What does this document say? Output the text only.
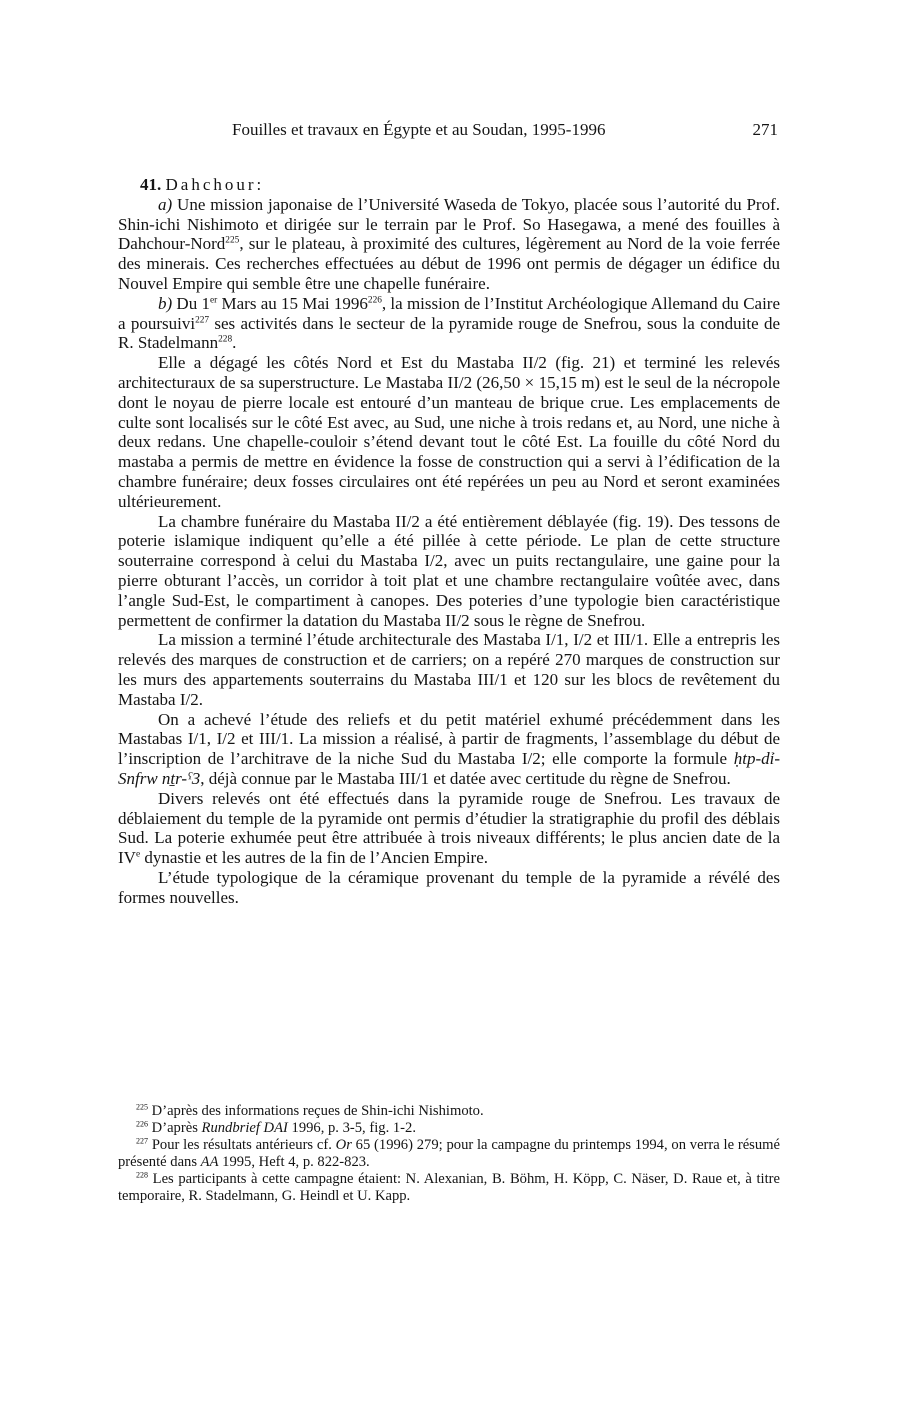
Fouilles et travaux en Égypte et au Soudan, 1995-1996	271

41. Dahchour:

a) Une mission japonaise de l’Université Waseda de Tokyo, placée sous l’autorité du Prof. Shin-ichi Nishimoto et dirigée sur le terrain par le Prof. So Hasegawa, a mené des fouilles à Dahchour-Nord$^{225}$, sur le plateau, à proximité des cultures, légèrement au Nord de la voie ferrée des minerais. Ces recherches effectuées au début de 1996 ont permis de dégager un édifice du Nouvel Empire qui semble être une chapelle funéraire.

b) Du 1er Mars au 15 Mai 1996$^{226}$, la mission de l’Institut Archéologique Allemand du Caire a poursuivi$^{227}$ ses activités dans le secteur de la pyramide rouge de Snefrou, sous la conduite de R. Stadelmann$^{228}$.

Elle a dégagé les côtés Nord et Est du Mastaba II/2 (fig. 21) et terminé les relevés architecturaux de sa superstructure. Le Mastaba II/2 (26,50 × 15,15 m) est le seul de la nécropole dont le noyau de pierre locale est entouré d’un manteau de brique crue. Les emplacements de culte sont localisés sur le côté Est avec, au Sud, une niche à trois redans et, au Nord, une niche à deux redans. Une chapelle-couloir s’étend devant tout le côté Est. La fouille du côté Nord du mastaba a permis de mettre en évidence la fosse de construction qui a servi à l’édification de la chambre funéraire; deux fosses circulaires ont été repérées un peu au Nord et seront examinées ultérieurement.

La chambre funéraire du Mastaba II/2 a été entièrement déblayée (fig. 19). Des tessons de poterie islamique indiquent qu’elle a été pillée à cette période. Le plan de cette structure souterraine correspond à celui du Mastaba I/2, avec un puits rectangulaire, une gaine pour la pierre obturant l’accès, un corridor à toit plat et une chambre rectangulaire voûtée avec, dans l’angle Sud-Est, le compartiment à canopes. Des poteries d’une typologie bien caractéristique permettent de confirmer la datation du Mastaba II/2 sous le règne de Snefrou.

La mission a terminé l’étude architecturale des Mastaba I/1, I/2 et III/1. Elle a entrepris les relevés des marques de construction et de carriers; on a repéré 270 marques de construction sur les murs des appartements souterrains du Mastaba III/1 et 120 sur les blocs de revêtement du Mastaba I/2.

On a achevé l’étude des reliefs et du petit matériel exhumé précédemment dans les Mastabas I/1, I/2 et III/1. La mission a réalisé, à partir de fragments, l’assemblage du début de l’inscription de l’architrave de la niche Sud du Mastaba I/2; elle comporte la formule ḥtp-dỉ-Snfrw nṯr-ˁ3, déjà connue par le Mastaba III/1 et datée avec certitude du règne de Snefrou.

Divers relevés ont été effectués dans la pyramide rouge de Snefrou. Les travaux de déblaiement du temple de la pyramide ont permis d’étudier la stratigraphie du profil des déblais Sud. La poterie exhumée peut être attribuée à trois niveaux différents; le plus ancien date de la IVe dynastie et les autres de la fin de l’Ancien Empire.

L’étude typologique de la céramique provenant du temple de la pyramide a révélé des formes nouvelles.

$^{225}$ D’après des informations reçues de Shin-ichi Nishimoto.

$^{226}$ D’après Rundbrief DAI 1996, p. 3-5, fig. 1-2.

$^{227}$ Pour les résultats antérieurs cf. Or 65 (1996) 279; pour la campagne du printemps 1994, on verra le résumé présenté dans AA 1995, Heft 4, p. 822-823.

$^{228}$ Les participants à cette campagne étaient: N. Alexanian, B. Böhm, H. Köpp, C. Näser, D. Raue et, à titre temporaire, R. Stadelmann, G. Heindl et U. Kapp.
